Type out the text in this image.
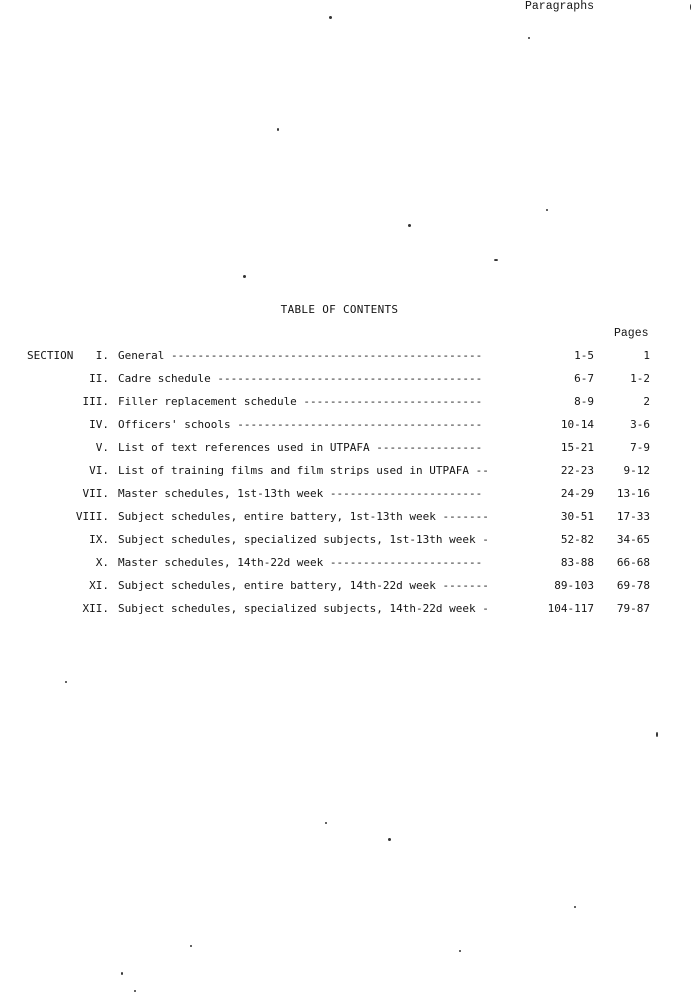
TABLE OF CONTENTS
Paragraphs
Pages
SECTION	I. General -----------------------------------------------	1-5	1
II. Cadre schedule ----------------------------------------	6-7	1-2
III. Filler replacement schedule ---------------------------	8-9	2
IV. Officers' schools -------------------------------------	10-14	3-6
V. List of text references used in UTPAFA ----------------	15-21	7-9
VI. List of training films and film strips used in UTPAFA --	22-23	9-12
VII. Master schedules, 1st-13th week -----------------------	24-29 13-16
VIII. Subject schedules, entire battery, 1st-13th week -------	30-51 17-33
IX. Subject schedules, specialized subjects, 1st-13th week -	52-82 34-65
X. Master schedules, 14th-22d week -----------------------	83-88 66-68
XI. Subject schedules, entire battery, 14th-22d week -------	89-103 69-78
XII. Subject schedules, specialized subjects, 14th-22d week -	104-117 79-87
